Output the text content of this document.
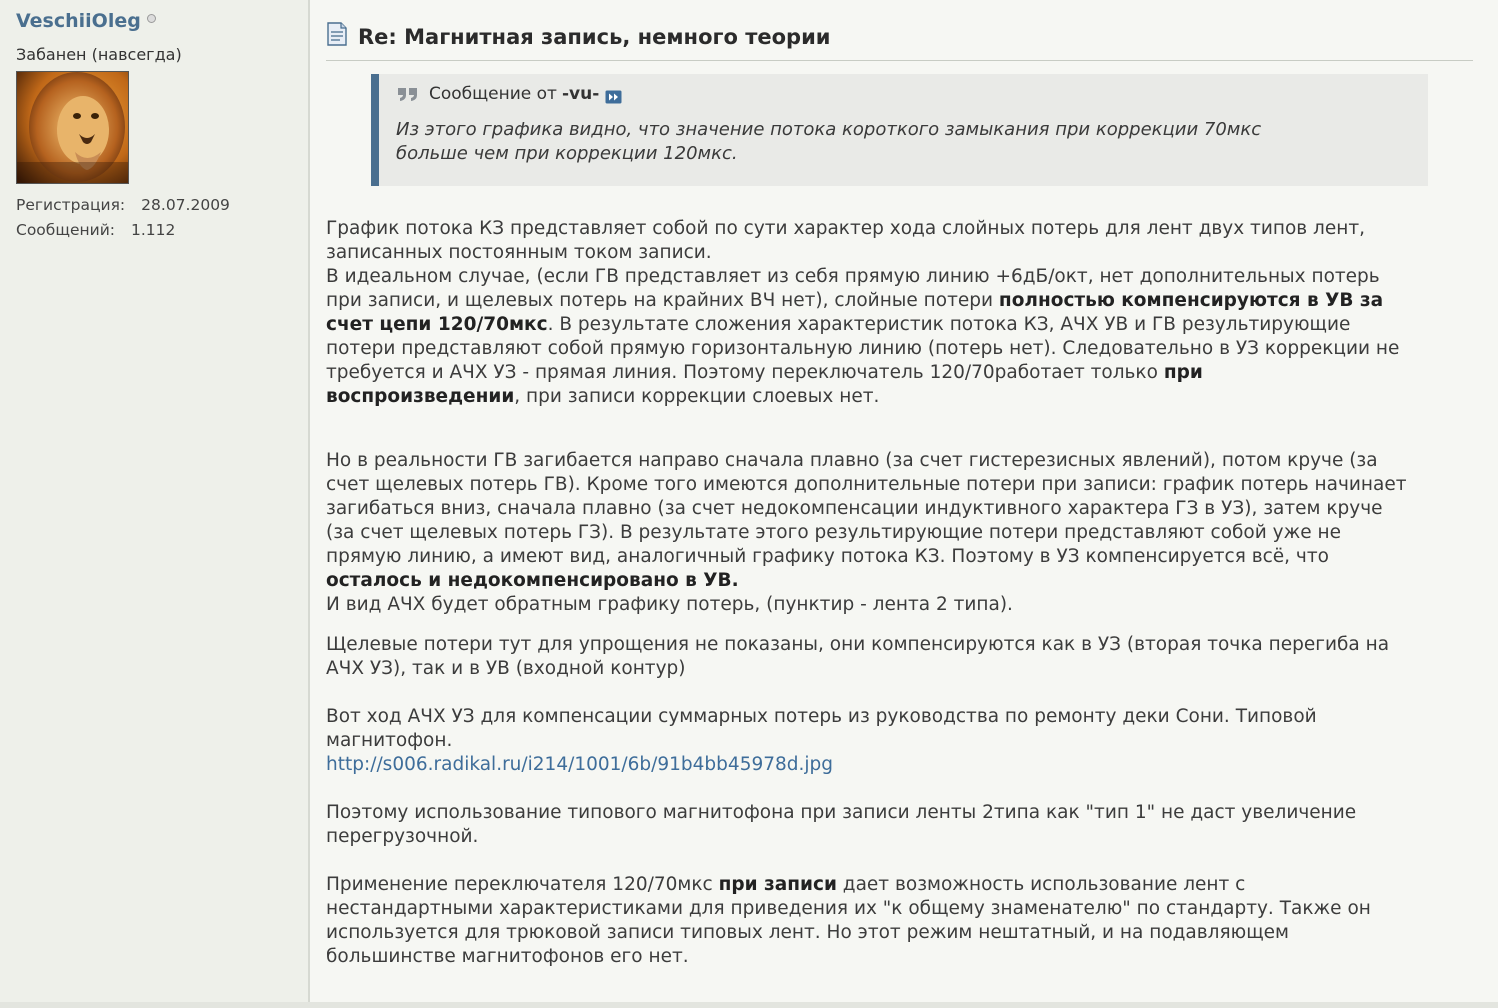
VeschiiOleg
Забанен (навсегда)
Регистрация: 28.07.2009
Сообщений: 1.112
Re: Магнитная запись, немного теории
Сообщение от -vu-
Из этого графика видно, что значение потока короткого замыкания при коррекции 70мкс
больше чем при коррекции 120мкс.

График потока КЗ представляет собой по сути характер хода слойных потерь для лент двух типов лент,
записанных постоянным током записи.
В идеальном случае, (если ГВ представляет из себя прямую линию +6дБ/окт, нет дополнительных потерь
при записи, и щелевых потерь на крайних ВЧ нет), слойные потери полностью компенсируются в УВ за
счет цепи 120/70мкс. В результате сложения характеристик потока КЗ, АЧХ УВ и ГВ результирующие
потери представляют собой прямую горизонтальную линию (потерь нет). Следовательно в УЗ коррекции не
требуется и АЧХ УЗ - прямая линия. Поэтому переключатель 120/70работает только при
воспроизведении, при записи коррекции слоевых нет.

Но в реальности ГВ загибается направо сначала плавно (за счет гистерезисных явлений), потом круче (за
счет щелевых потерь ГВ). Кроме того имеются дополнительные потери при записи: график потерь начинает
загибаться вниз, сначала плавно (за счет недокомпенсации индуктивного характера ГЗ в УЗ), затем круче
(за счет щелевых потерь ГЗ). В результате этого результирующие потери представляют собой уже не
прямую линию, а имеют вид, аналогичный графику потока КЗ. Поэтому в УЗ компенсируется всё, что
осталось и недокомпенсировано в УВ.
И вид АЧХ будет обратным графику потерь, (пунктир - лента 2 типа).

Щелевые потери тут для упрощения не показаны, они компенсируются как в УЗ (вторая точка перегиба на
АЧХ УЗ), так и в УВ (входной контур)

Вот ход АЧХ УЗ для компенсации суммарных потерь из руководства по ремонту деки Сони. Типовой
магнитофон.
http://s006.radikal.ru/i214/1001/6b/91b4bb45978d.jpg

Поэтому использование типового магнитофона при записи ленты 2типа как "тип 1" не даст увеличение
перегрузочной.

Применение переключателя 120/70мкс при записи дает возможность использование лент с
нестандартными характеристиками для приведения их "к общему знаменателю" по стандарту. Также он
используется для трюковой записи типовых лент. Но этот режим нештатный, и на подавляющем
большинстве магнитофонов его нет.
